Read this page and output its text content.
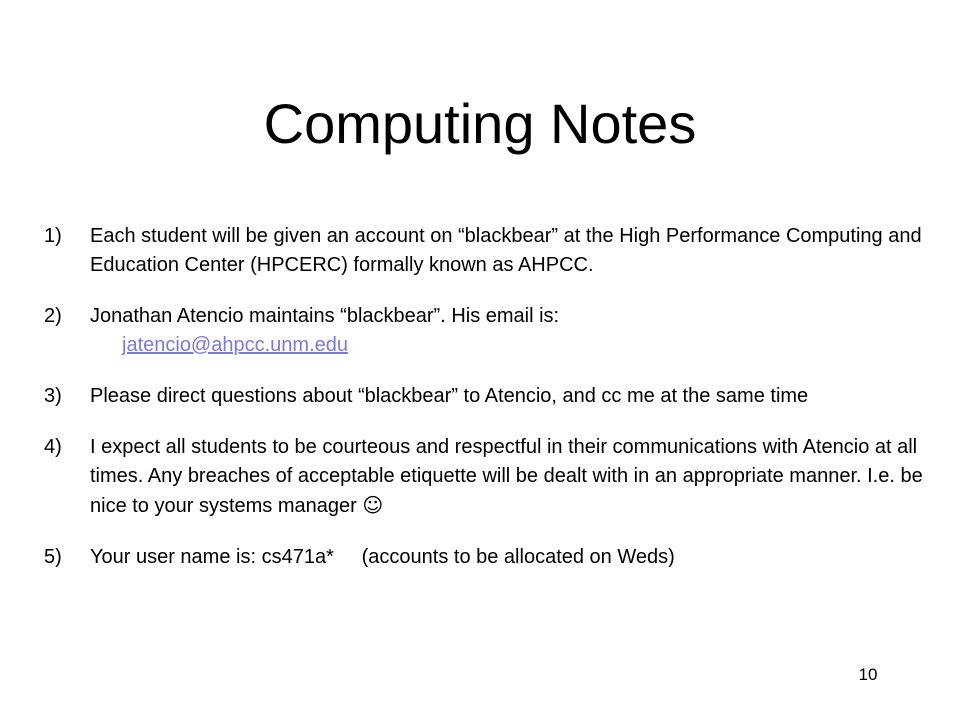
Computing Notes
1) Each student will be given an account on “blackbear” at the High Performance Computing and Education Center (HPCERC) formally known as AHPCC.
2) Jonathan Atencio maintains “blackbear”. His email is:
jatencio@ahpcc.unm.edu
3) Please direct questions about “blackbear” to Atencio, and cc me at the same time
4) I expect all students to be courteous and respectful in their communications with Atencio at all times. Any breaches of acceptable etiquette will be dealt with in an appropriate manner. I.e. be nice to your systems manager ☺
5) Your user name is: cs471a*     (accounts to be allocated on Weds)
10
